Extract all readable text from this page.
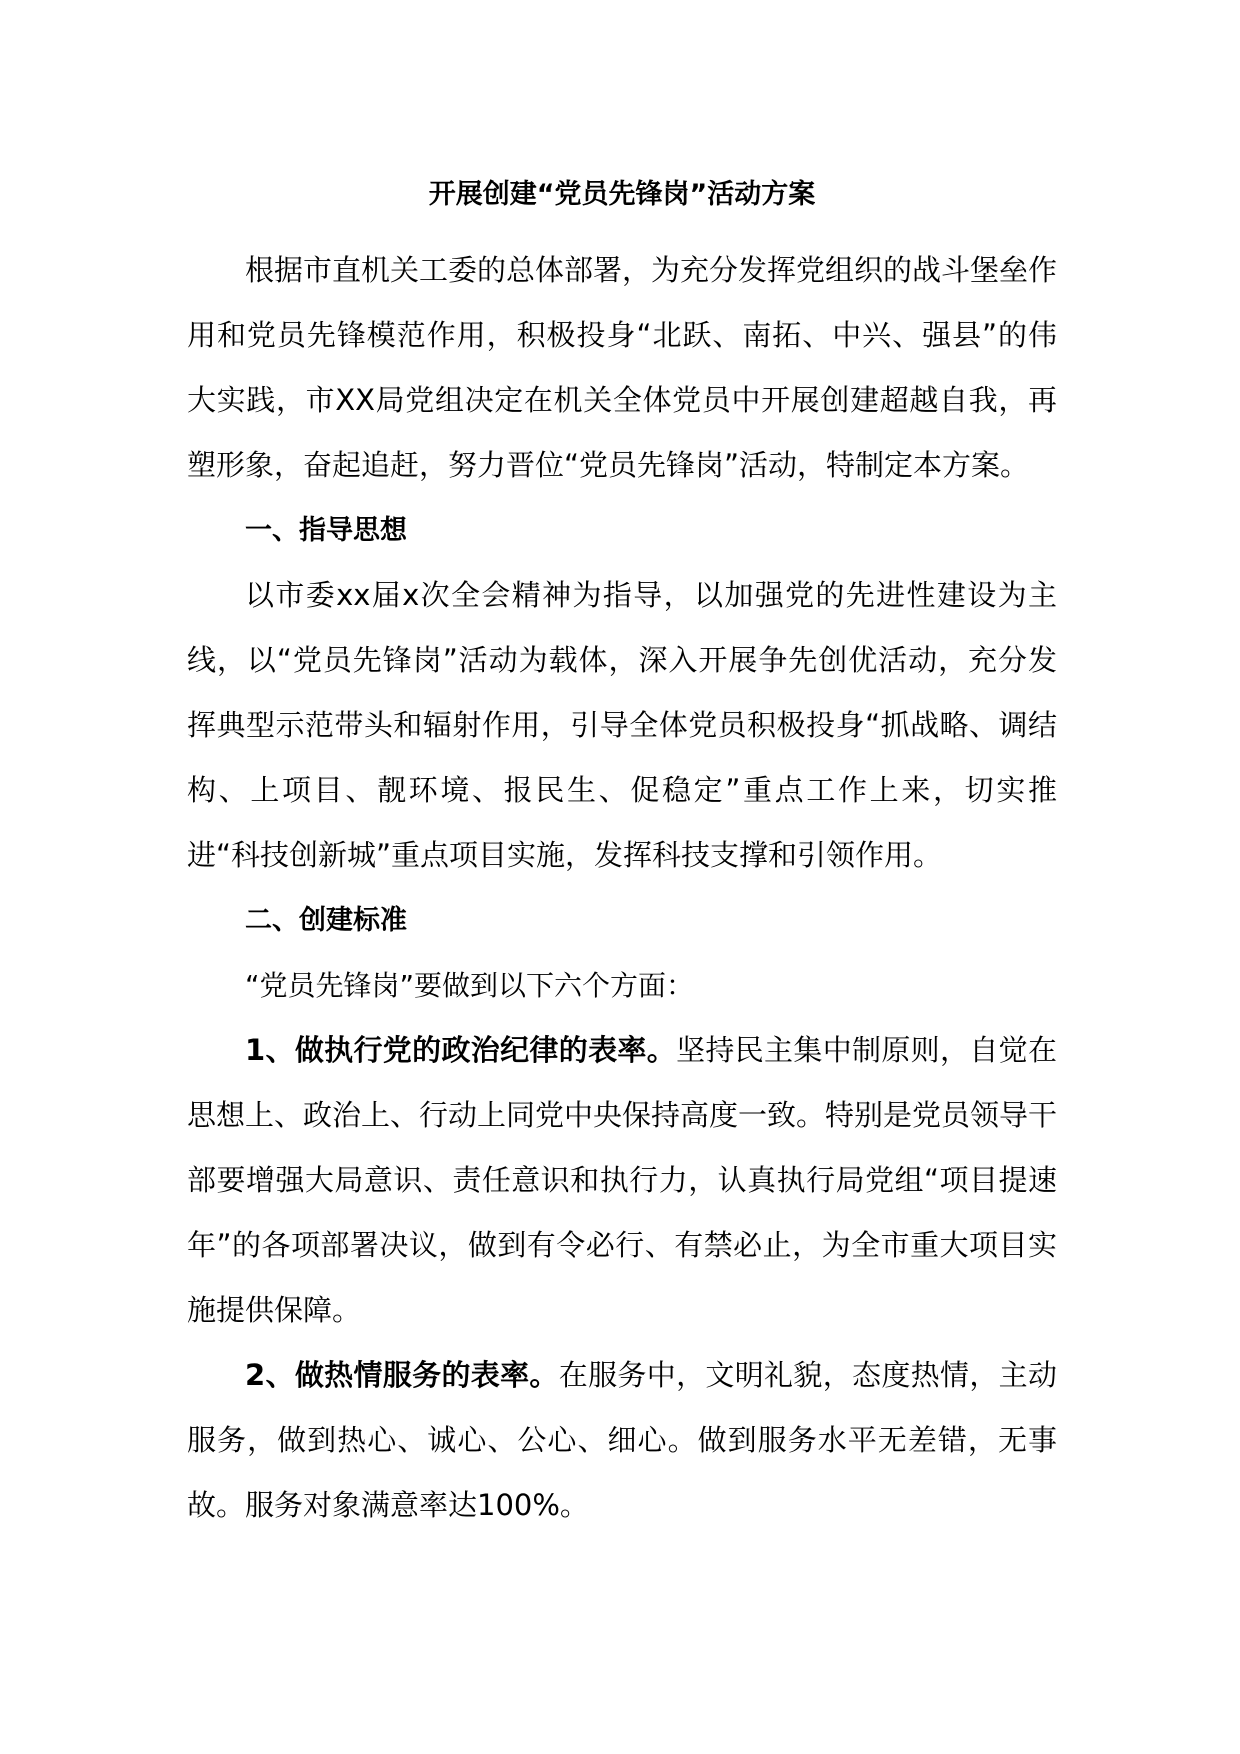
开展创建“党员先锋岗”活动方案

根据市直机关工委的总体部署，为充分发挥党组织的战斗堡垒作用和党员先锋模范作用，积极投身“北跃、南拓、中兴、强县”的伟大实践，市XX局党组决定在机关全体党员中开展创建超越自我，再塑形象，奋起追赶，努力晋位“党员先锋岗”活动，特制定本方案。

一、指导思想

以市委xx届x次全会精神为指导，以加强党的先进性建设为主线，以“党员先锋岗”活动为载体，深入开展争先创优活动，充分发挥典型示范带头和辐射作用，引导全体党员积极投身“抓战略、调结构、上项目、靓环境、报民生、促稳定”重点工作上来，切实推进“科技创新城”重点项目实施，发挥科技支撑和引领作用。

二、创建标准

“党员先锋岗”要做到以下六个方面：

1、做执行党的政治纪律的表率。坚持民主集中制原则，自觉在思想上、政治上、行动上同党中央保持高度一致。特别是党员领导干部要增强大局意识、责任意识和执行力，认真执行局党组“项目提速年”的各项部署决议，做到有令必行、有禁必止，为全市重大项目实施提供保障。

2、做热情服务的表率。在服务中，文明礼貌，态度热情，主动服务，做到热心、诚心、公心、细心。做到服务水平无差错，无事故。服务对象满意率达100%。
